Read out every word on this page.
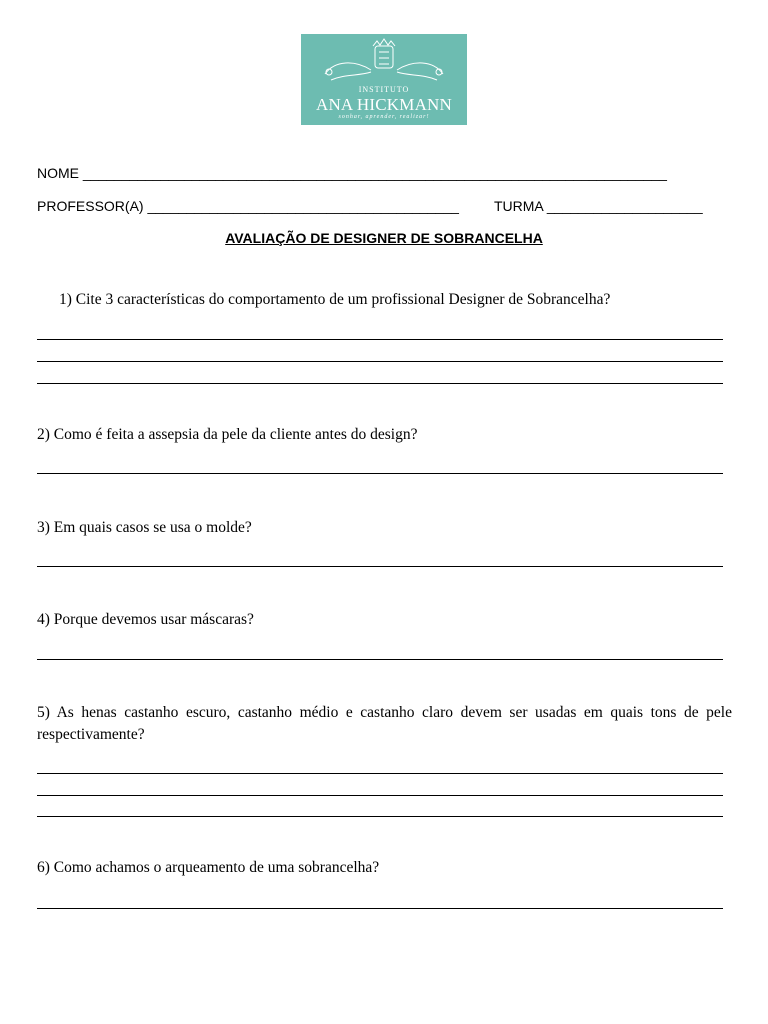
INSTITUTO
ANA HICKMANN
sonhar, aprender, realizar!
NOME ___________________________________________________________________________
PROFESSOR(A) ________________________________________	TURMA ____________________
AVALIAÇÃO DE DESIGNER DE SOBRANCELHA
1) Cite 3 características do comportamento de um profissional Designer de Sobrancelha?
2) Como é feita a assepsia da pele da cliente antes do design?
3) Em quais casos se usa o molde?
4) Porque devemos usar máscaras?
5) As henas castanho escuro, castanho médio e castanho claro devem ser usadas em quais tons de pele respectivamente?
6) Como achamos o arqueamento de uma sobrancelha?
